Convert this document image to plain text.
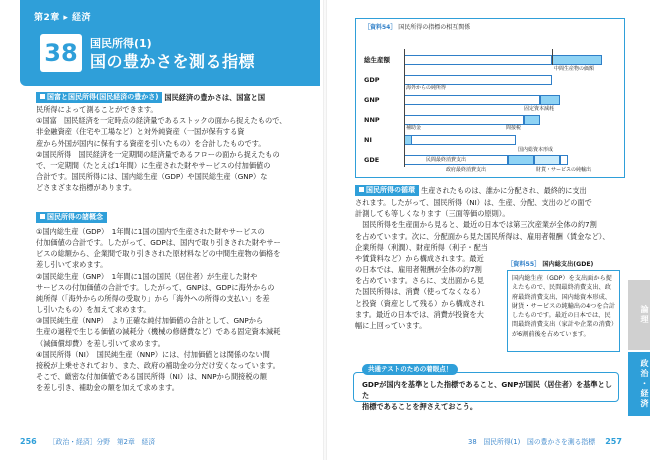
第2章 ▸ 経済
38	国民所得(1)
国の豊かさを測る指標
国富と国民所得(国民経済の豊かさ) 国民経済の豊かさは、国富と国

民所得によって測ることができます。

①国富　国民経済を一定時点の経済量であるストックの面から捉えたもので、

非金融資産（住宅や工場など）と対外純資産（一国が保有する資

産から外国が国内に保有する資産を引いたもの）を合計したものです。

②国民所得　国民経済を一定期間の経済量であるフローの面から捉えたもの

で、一定期間（たとえば1年間）に生産された財やサービスの付加価値の

合計です。国民所得には、国内総生産（GDP）や国民総生産（GNP）な

どさまざまな指標があります。

国民所得の諸概念

①国内総生産（GDP）　1年間に1国の国内で生産された財やサービスの

付加価値の合計です。したがって、GDPは、国内で取り引きされた財やサー

ビスの総額から、企業間で取り引きされた原材料などの中間生産物の価格を

差し引いて求めます。

②国民総生産（GNP）　1年間に1国の国民（居住者）が生産した財や

サービスの付加価値の合計です。したがって、GNPは、GDPに海外からの

純所得（「海外からの所得の受取り」から「海外への所得の支払い」を差

し引いたもの）を加えて求めます。

③国民純生産（NNP）　より正確な純付加価値の合計として、GNPから

生産の過程で生じる価値の減耗分（機械の修繕費など）である固定資本減耗

（減価償却費）を差し引いて求めます。

④国民所得（NI）　国民純生産（NNP）には、付加価値とは関係のない間

接税が上乗せされており、また、政府の補助金の分だけ安くなっています。

そこで、厳密な付加価値である国民所得（NI）は、NNPから間接税の額

を差し引き、補助金の額を加えて求めます。

256 ［政治・経済］分野　第2章　経済
［資料54］ 国民所得の指標の相互関係
総生産額
GDP
GNP
NNP
NI
GDE
中間生産物の価額
海外からの純所得
固定資本減耗
補助金	間接税
民間最終消費支出
国内総資本形成
政府最終消費支出	財貨・サービスの純輸出
国民所得の循環 生産されたものは、誰かに分配され、最終的に支出

されます。したがって、国民所得（NI）は、生産、分配、支出のどの面で

計測しても等しくなります（三面等価の原則）。

　国民所得を生産面から見ると、最近の日本では第三次産業が全体の約7割

を占めています。次に、分配面から見た国民所得は、雇用者報酬（賃金など）、

企業所得（利潤）、財産所得（利子・配当

や賃貸料など）から構成されます。最近

の日本では、雇用者報酬が全体の約7割

を占めています。さらに、支出面から見

た国民所得は、消費（使ってなくなる）

と投資（資産として残る）から構成され

ます。最近の日本では、消費が投資を大

幅に上回っています。

［資料55］ 国内総支出(GDE)
国内総生産（GDP）を支出面から捉えたもので、民間最終消費支出、政府最終消費支出、国内総資本形成、財貨・サービスの純輸出の4つを合計したものです。最近の日本では、民間最終消費支出（家計や企業の消費）が6割前後を占めています。
共通テストのための着眼点！

GDPが国内を基準とした指標であること、GNPが国民（居住者）を基準とした

指標であることを押さえておこう。

論理
政治・経済
38　国民所得(1)　国の豊かさを測る指標 257
